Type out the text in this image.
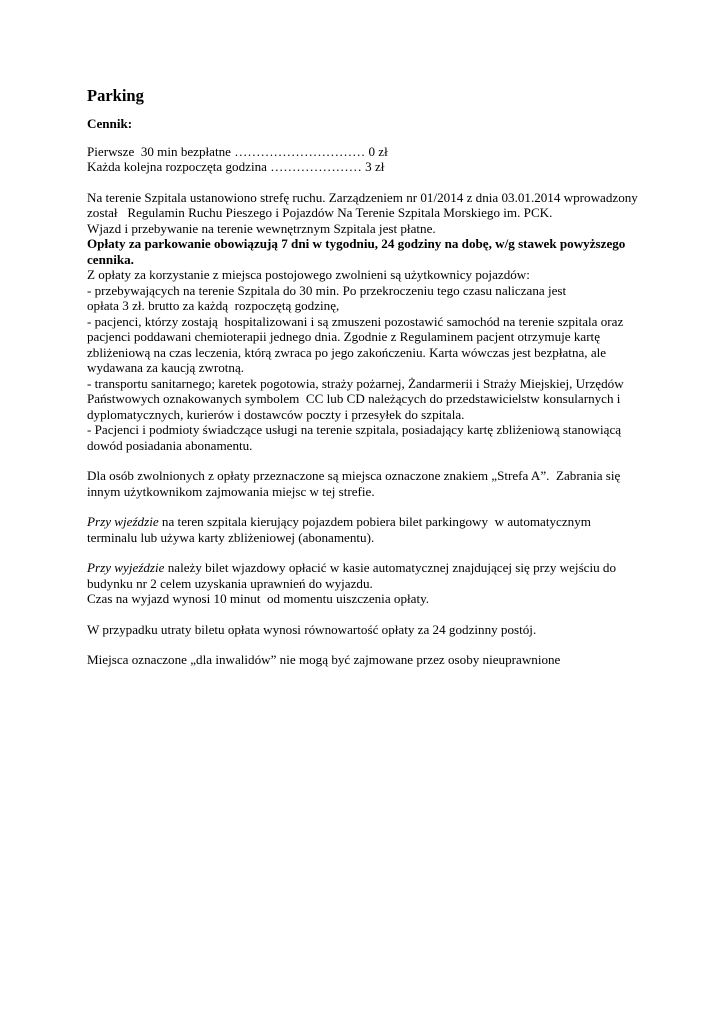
Parking
Cennik:
Pierwsze  30 min bezpłatne ………………………… 0 zł
Każda kolejna rozpoczęta godzina ………………… 3 zł
Na terenie Szpitala ustanowiono strefę ruchu. Zarządzeniem nr 01/2014 z dnia 03.01.2014 wprowadzony
został   Regulamin Ruchu Pieszego i Pojazdów Na Terenie Szpitala Morskiego im. PCK.
Wjazd i przebywanie na terenie wewnętrznym Szpitala jest płatne.
Opłaty za parkowanie obowiązują 7 dni w tygodniu, 24 godziny na dobę, w/g stawek powyższego
cennika.
Z opłaty za korzystanie z miejsca postojowego zwolnieni są użytkownicy pojazdów:
- przebywających na terenie Szpitala do 30 min. Po przekroczeniu tego czasu naliczana jest
opłata 3 zł. brutto za każdą  rozpoczętą godzinę,
- pacjenci, którzy zostają  hospitalizowani i są zmuszeni pozostawić samochód na terenie szpitala oraz
pacjenci poddawani chemioterapii jednego dnia. Zgodnie z Regulaminem pacjent otrzymuje kartę
zbliżeniową na czas leczenia, którą zwraca po jego zakończeniu. Karta wówczas jest bezpłatna, ale
wydawana za kaucją zwrotną.
- transportu sanitarnego; karetek pogotowia, straży pożarnej, Żandarmerii i Straży Miejskiej, Urzędów
Państwowych oznakowanych symbolem  CC lub CD należących do przedstawicielstw konsularnych i
dyplomatycznych, kurierów i dostawców poczty i przesyłek do szpitala.
- Pacjenci i podmioty świadczące usługi na terenie szpitala, posiadający kartę zbliżeniową stanowiącą
dowód posiadania abonamentu.
Dla osób zwolnionych z opłaty przeznaczone są miejsca oznaczone znakiem „Strefa A”.  Zabrania się
innym użytkownikom zajmowania miejsc w tej strefie.
Przy wjeździe na teren szpitala kierujący pojazdem pobiera bilet parkingowy  w automatycznym
terminalu lub używa karty zbliżeniowej (abonamentu).
Przy wyjeździe należy bilet wjazdowy opłacić w kasie automatycznej znajdującej się przy wejściu do
budynku nr 2 celem uzyskania uprawnień do wyjazdu.
Czas na wyjazd wynosi 10 minut  od momentu uiszczenia opłaty.
W przypadku utraty biletu opłata wynosi równowartość opłaty za 24 godzinny postój.
Miejsca oznaczone „dla inwalidów” nie mogą być zajmowane przez osoby nieuprawnione
